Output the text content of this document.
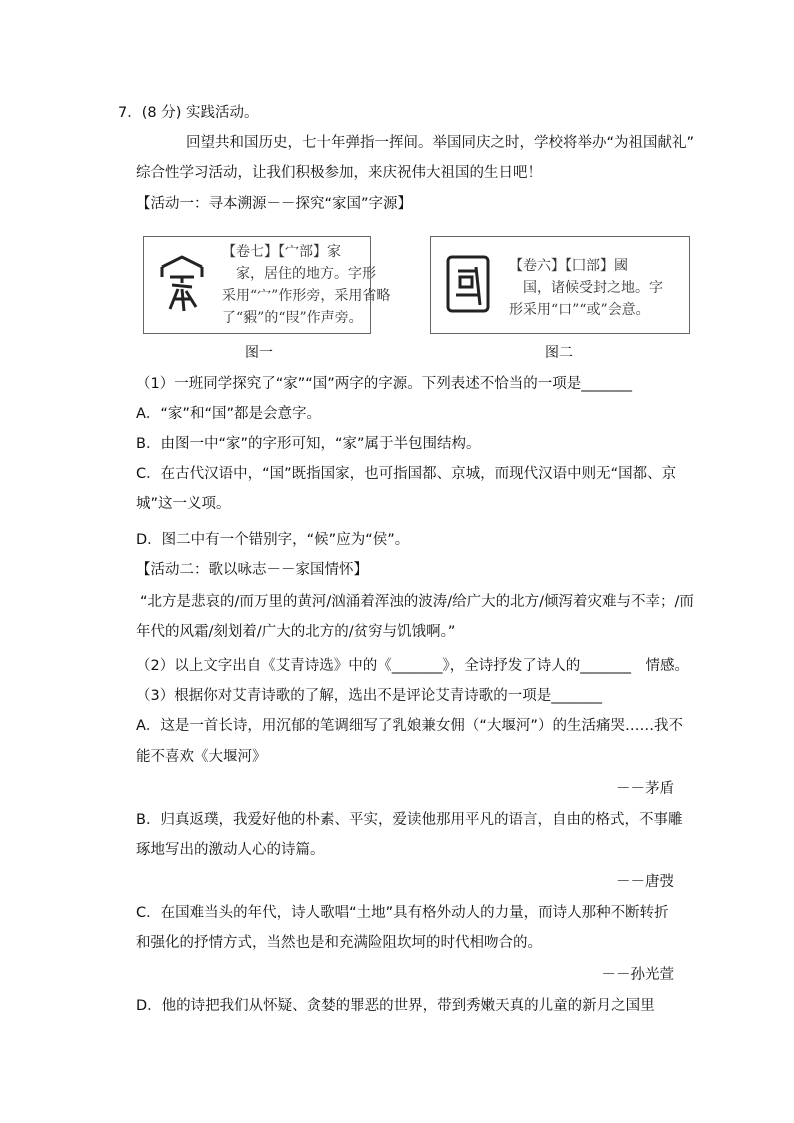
7．(8 分) 实践活动。
回望共和国历史，七十年弹指一挥间。举国同庆之时，学校将举办“为祖国献礼”
综合性学习活动，让我们积极参加，来庆祝伟大祖国的生日吧！
【活动一：寻本溯源－－探究“家国”字源】
【卷七】【宀部】家
家，居住的地方。字形
采用“宀”作形旁，采用省略
了“豭”的“叚”作声旁。
图一
【卷六】【囗部】國
国，诸候受封之地。字
形采用“口”“或”会意。
图二
（1）一班同学探究了“家”“国”两字的字源。下列表述不恰当的一项是_______
A．“家”和“国”都是会意字。
B．由图一中“家”的字形可知，“家”属于半包围结构。
C．在古代汉语中，“国”既指国家，也可指国都、京城，而现代汉语中则无“国都、京
城”这一义项。
D．图二中有一个错别字，“候”应为“侯”。
【活动二：歌以咏志－－家国情怀】
“北方是悲哀的/而万里的黄河/汹涌着浑浊的波涛/给广大的北方/倾泻着灾难与不幸；/而
年代的风霜/刻划着/广大的北方的/贫穷与饥饿啊。”
（2）以上文字出自《艾青诗选》中的《_______》，全诗抒发了诗人的_______　情感。
（3）根据你对艾青诗歌的了解，选出不是评论艾青诗歌的一项是_______
A．这是一首长诗，用沉郁的笔调细写了乳娘兼女佣（“大堰河”）的生活痛哭……我不
能不喜欢《大堰河》
－－茅盾
B．归真返璞，我爱好他的朴素、平实，爱读他那用平凡的语言，自由的格式，不事雕
琢地写出的激动人心的诗篇。
－－唐弢
C．在国难当头的年代，诗人歌唱“土地”具有格外动人的力量，而诗人那种不断转折
和强化的抒情方式，当然也是和充满险阻坎坷的时代相吻合的。
－－孙光萱
D．他的诗把我们从怀疑、贪婪的罪恶的世界，带到秀嫩天真的儿童的新月之国里
